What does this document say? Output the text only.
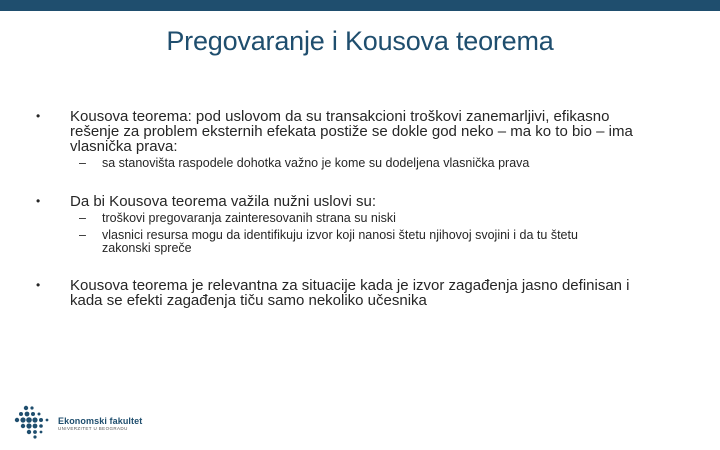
Pregovaranje i Kousova teorema
• Kousova teorema: pod uslovom da su transakcioni troškovi zanemarljivi, efikasno
rešenje za problem eksternih efekata postiže se dokle god neko – ma ko to bio – ima
vlasnička prava:
– sa stanovišta raspodele dohotka važno je kome su dodeljena vlasnička prava
• Da bi Kousova teorema važila nužni uslovi su:
– troškovi pregovaranja zainteresovanih strana su niski
– vlasnici resursa mogu da identifikuju izvor koji nanosi štetu njihovoj svojini i da tu štetu
zakonski spreče
• Kousova teorema je relevantna za situacije kada je izvor zagađenja jasno definisan i
kada se efekti zagađenja tiču samo nekoliko učesnika
Ekonomski fakultet
UNIVERZITET U BEOGRADU
